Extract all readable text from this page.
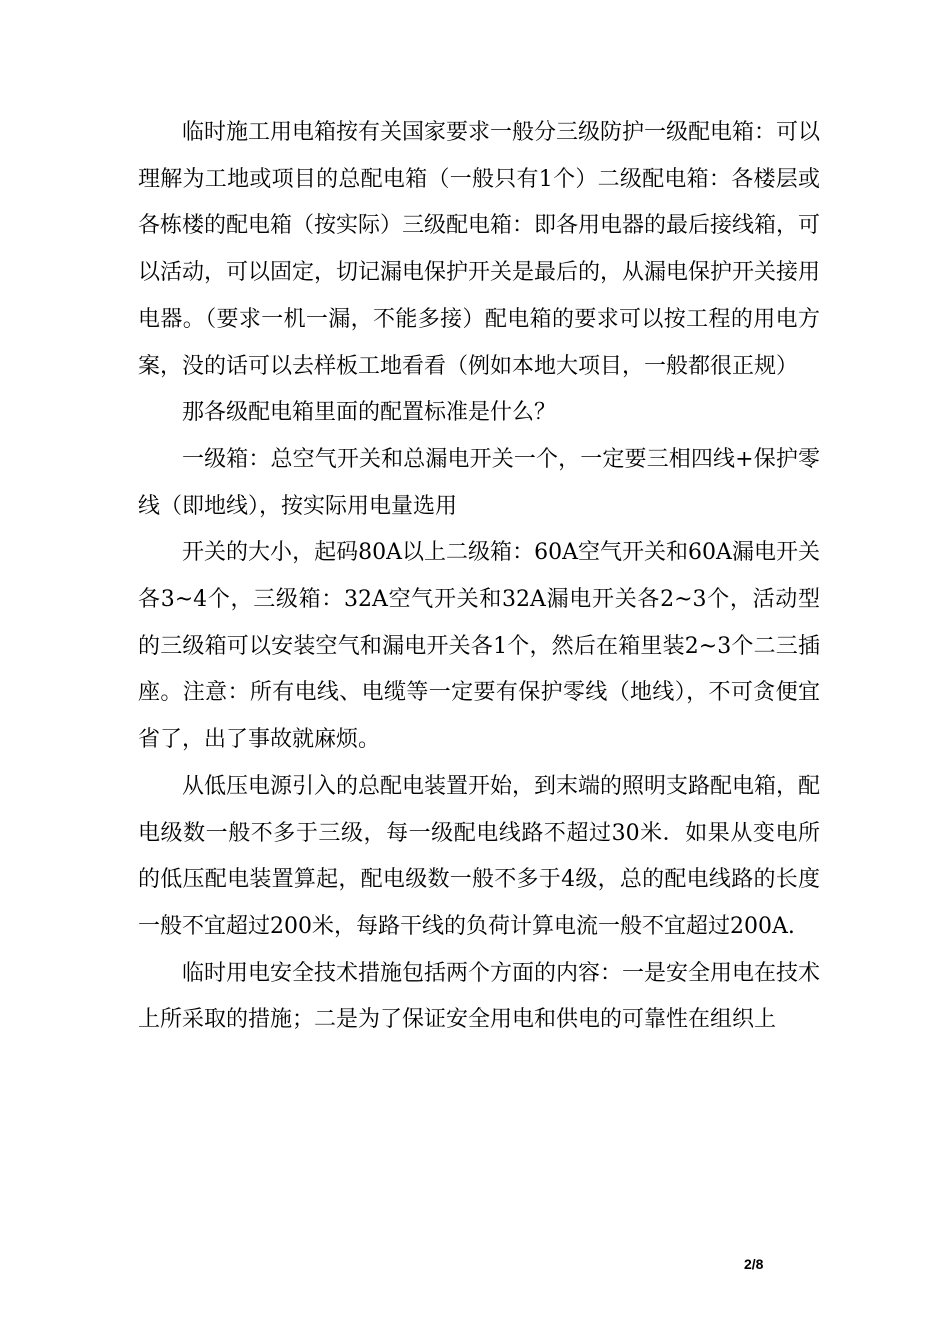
临时施工用电箱按有关国家要求一般分三级防护一级配电箱：可以理解为工地或项目的总配电箱（一般只有1个）二级配电箱：各楼层或各栋楼的配电箱（按实际）三级配电箱：即各用电器的最后接线箱，可以活动，可以固定，切记漏电保护开关是最后的，从漏电保护开关接用电器。（要求一机一漏，不能多接）配电箱的要求可以按工程的用电方案，没的话可以去样板工地看看（例如本地大项目，一般都很正规）

那各级配电箱里面的配置标准是什么？

一级箱：总空气开关和总漏电开关一个，一定要三相四线+保护零线（即地线），按实际用电量选用

开关的大小，起码80A以上二级箱：60A空气开关和60A漏电开关各3~4个，三级箱：32A空气开关和32A漏电开关各2~3个，活动型的三级箱可以安装空气和漏电开关各1个，然后在箱里装2~3个二三插座。注意：所有电线、电缆等一定要有保护零线（地线），不可贪便宜省了，出了事故就麻烦。

从低压电源引入的总配电装置开始，到末端的照明支路配电箱，配电级数一般不多于三级，每一级配电线路不超过30米．如果从变电所的低压配电装置算起，配电级数一般不多于4级，总的配电线路的长度一般不宜超过200米，每路干线的负荷计算电流一般不宜超过200A.

临时用电安全技术措施包括两个方面的内容：一是安全用电在技术上所采取的措施；二是为了保证安全用电和供电的可靠性在组织上

2/8
